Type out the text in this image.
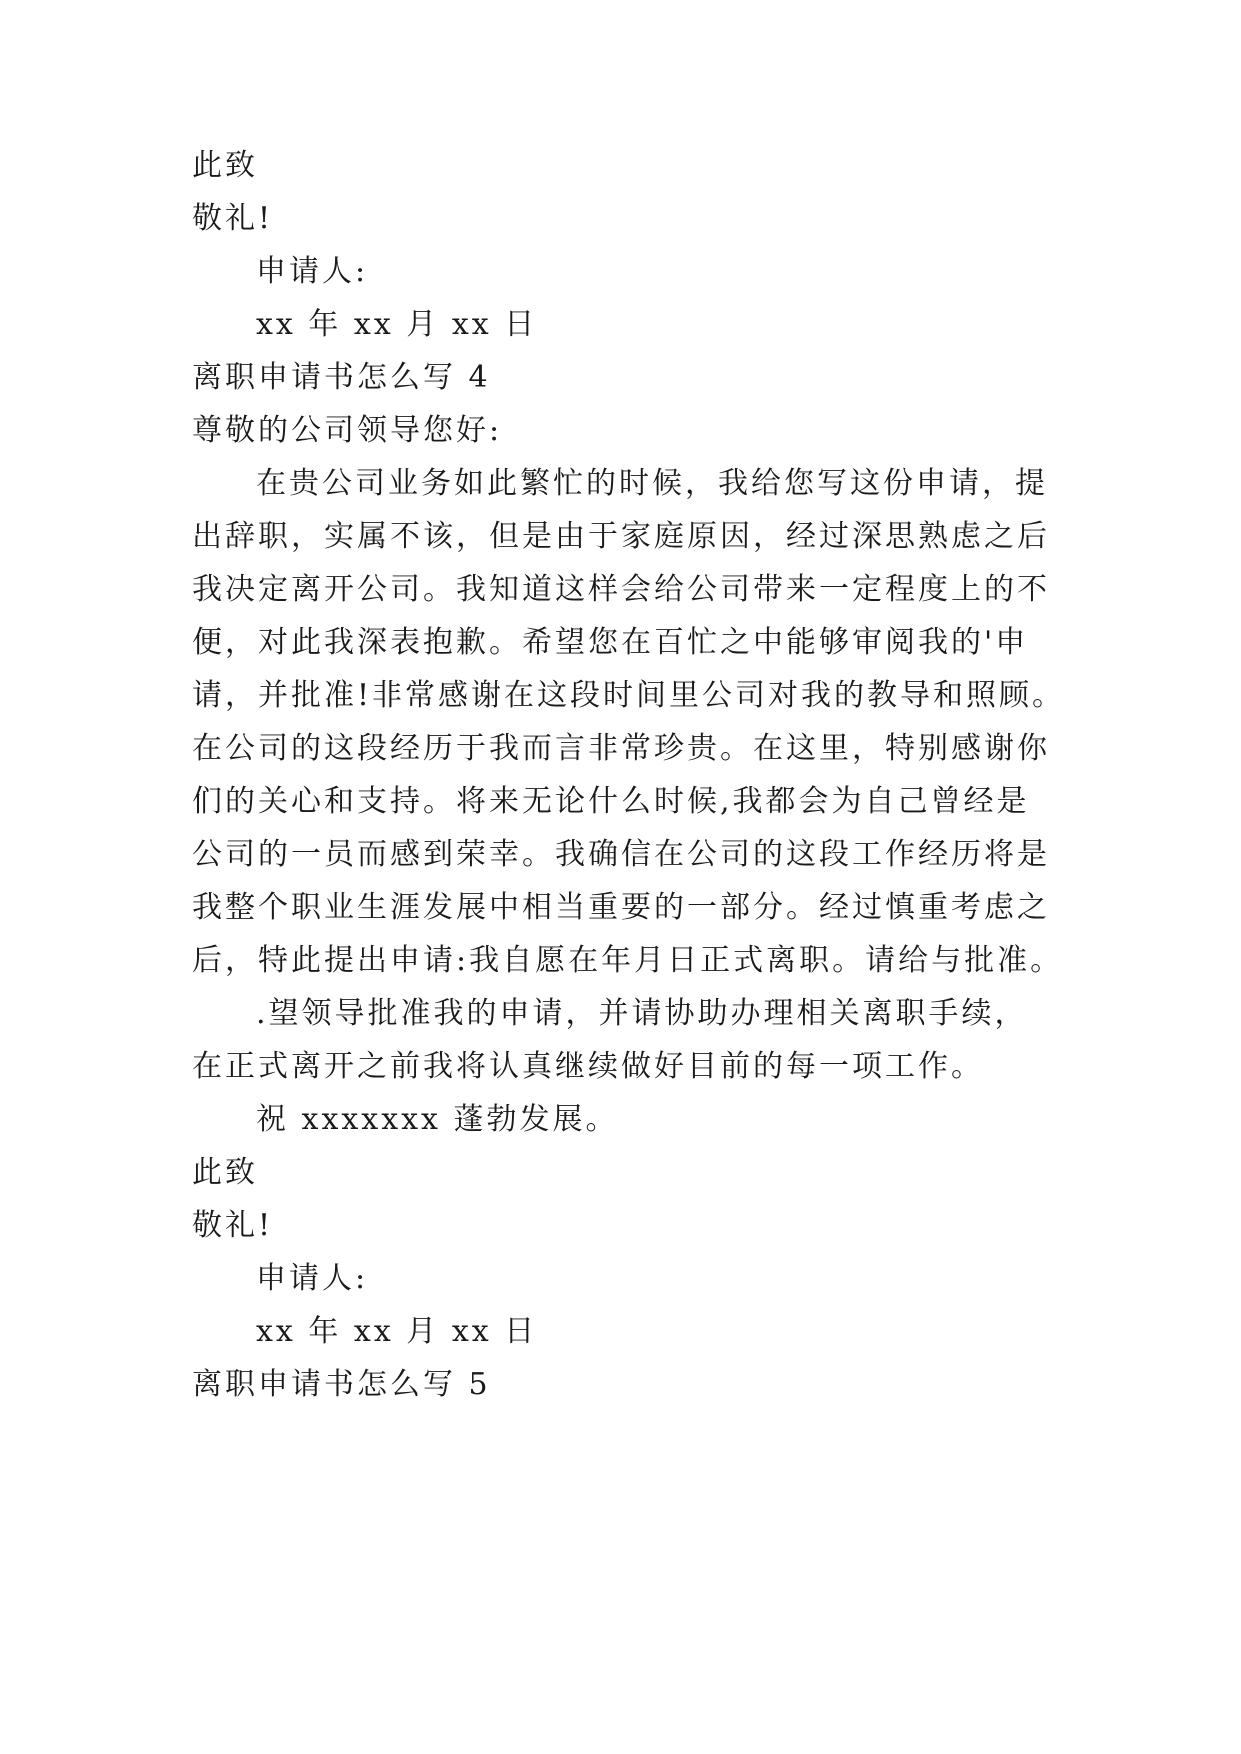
此致
敬礼!
申请人:
xx 年 xx 月 xx 日
离职申请书怎么写 4
尊敬的公司领导您好:
在贵公司业务如此繁忙的时候，我给您写这份申请，提
出辞职，实属不该，但是由于家庭原因，经过深思熟虑之后
我决定离开公司。我知道这样会给公司带来一定程度上的不
便，对此我深表抱歉。希望您在百忙之中能够审阅我的'申
请，并批准!非常感谢在这段时间里公司对我的教导和照顾。
在公司的这段经历于我而言非常珍贵。在这里，特别感谢你
们的关心和支持。将来无论什么时候,我都会为自己曾经是
公司的一员而感到荣幸。我确信在公司的这段工作经历将是
我整个职业生涯发展中相当重要的一部分。经过慎重考虑之
后，特此提出申请:我自愿在年月日正式离职。请给与批准。
.望领导批准我的申请，并请协助办理相关离职手续，
在正式离开之前我将认真继续做好目前的每一项工作。
祝 xxxxxxx 蓬勃发展。
此致
敬礼!
申请人:
xx 年 xx 月 xx 日
离职申请书怎么写 5
